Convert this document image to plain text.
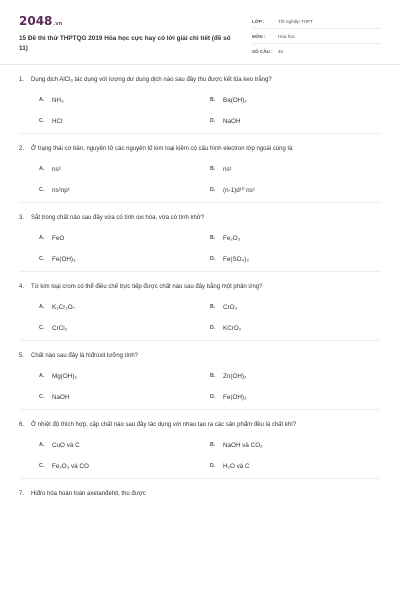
2048.vn
15 Đề thi thử THPTQG 2019 Hóa học cực hay có lời giải chi tiết (đề số 11)
LỚP :	Tốt nghiệp THPT
MÔN :	Hóa học
SỐ CÂU :	40
1.	Dung dịch AlCl₃ tác dụng với lượng dư dung dịch nào sau đây thu được kết tủa keo trắng?
A.	NH₃	B.	Ba(OH)₂
C.	HCl	D.	NaOH
2.	Ở trạng thái cơ bản, nguyên tử các nguyên tố kim loại kiềm có cấu hình electron lớp ngoài cùng là:
A.	ns²	B.	ns¹
C.	ns²np¹	D.	(n-1)d¹⁰ ns¹
3.	Sắt trong chất nào sau đây vừa có tính oxi hóa, vừa có tính khử?
A.	FeO	B.	Fe₂O₃
C.	Fe(OH)₃	D.	Fe(SO₄)₃
4.	Từ kim loại crom có thể điều chế trực tiếp được chất nào sau đây bằng một phản ứng?
A.	K₂Cr₂O₇	B.	CrO₃
C.	CrCl₃	D.	KCrO₂
5.	Chất nào sau đây là hiđroxit lưỡng tính?
A.	Mg(OH)₂	B.	Zn(OH)₂
C.	NaOH	D.	Fe(OH)₂
6.	Ở nhiệt độ thích hợp, cặp chất nào sau đây tác dụng với nhau tạo ra các sản phẩm đều là chất khí?
A.	CuO và C	B.	NaOH và CO₂
C.	Fe₂O₃ và CO	D.	H₂O và C
7.	Hiđro hóa hoàn toàn axetanđehit, thu được
